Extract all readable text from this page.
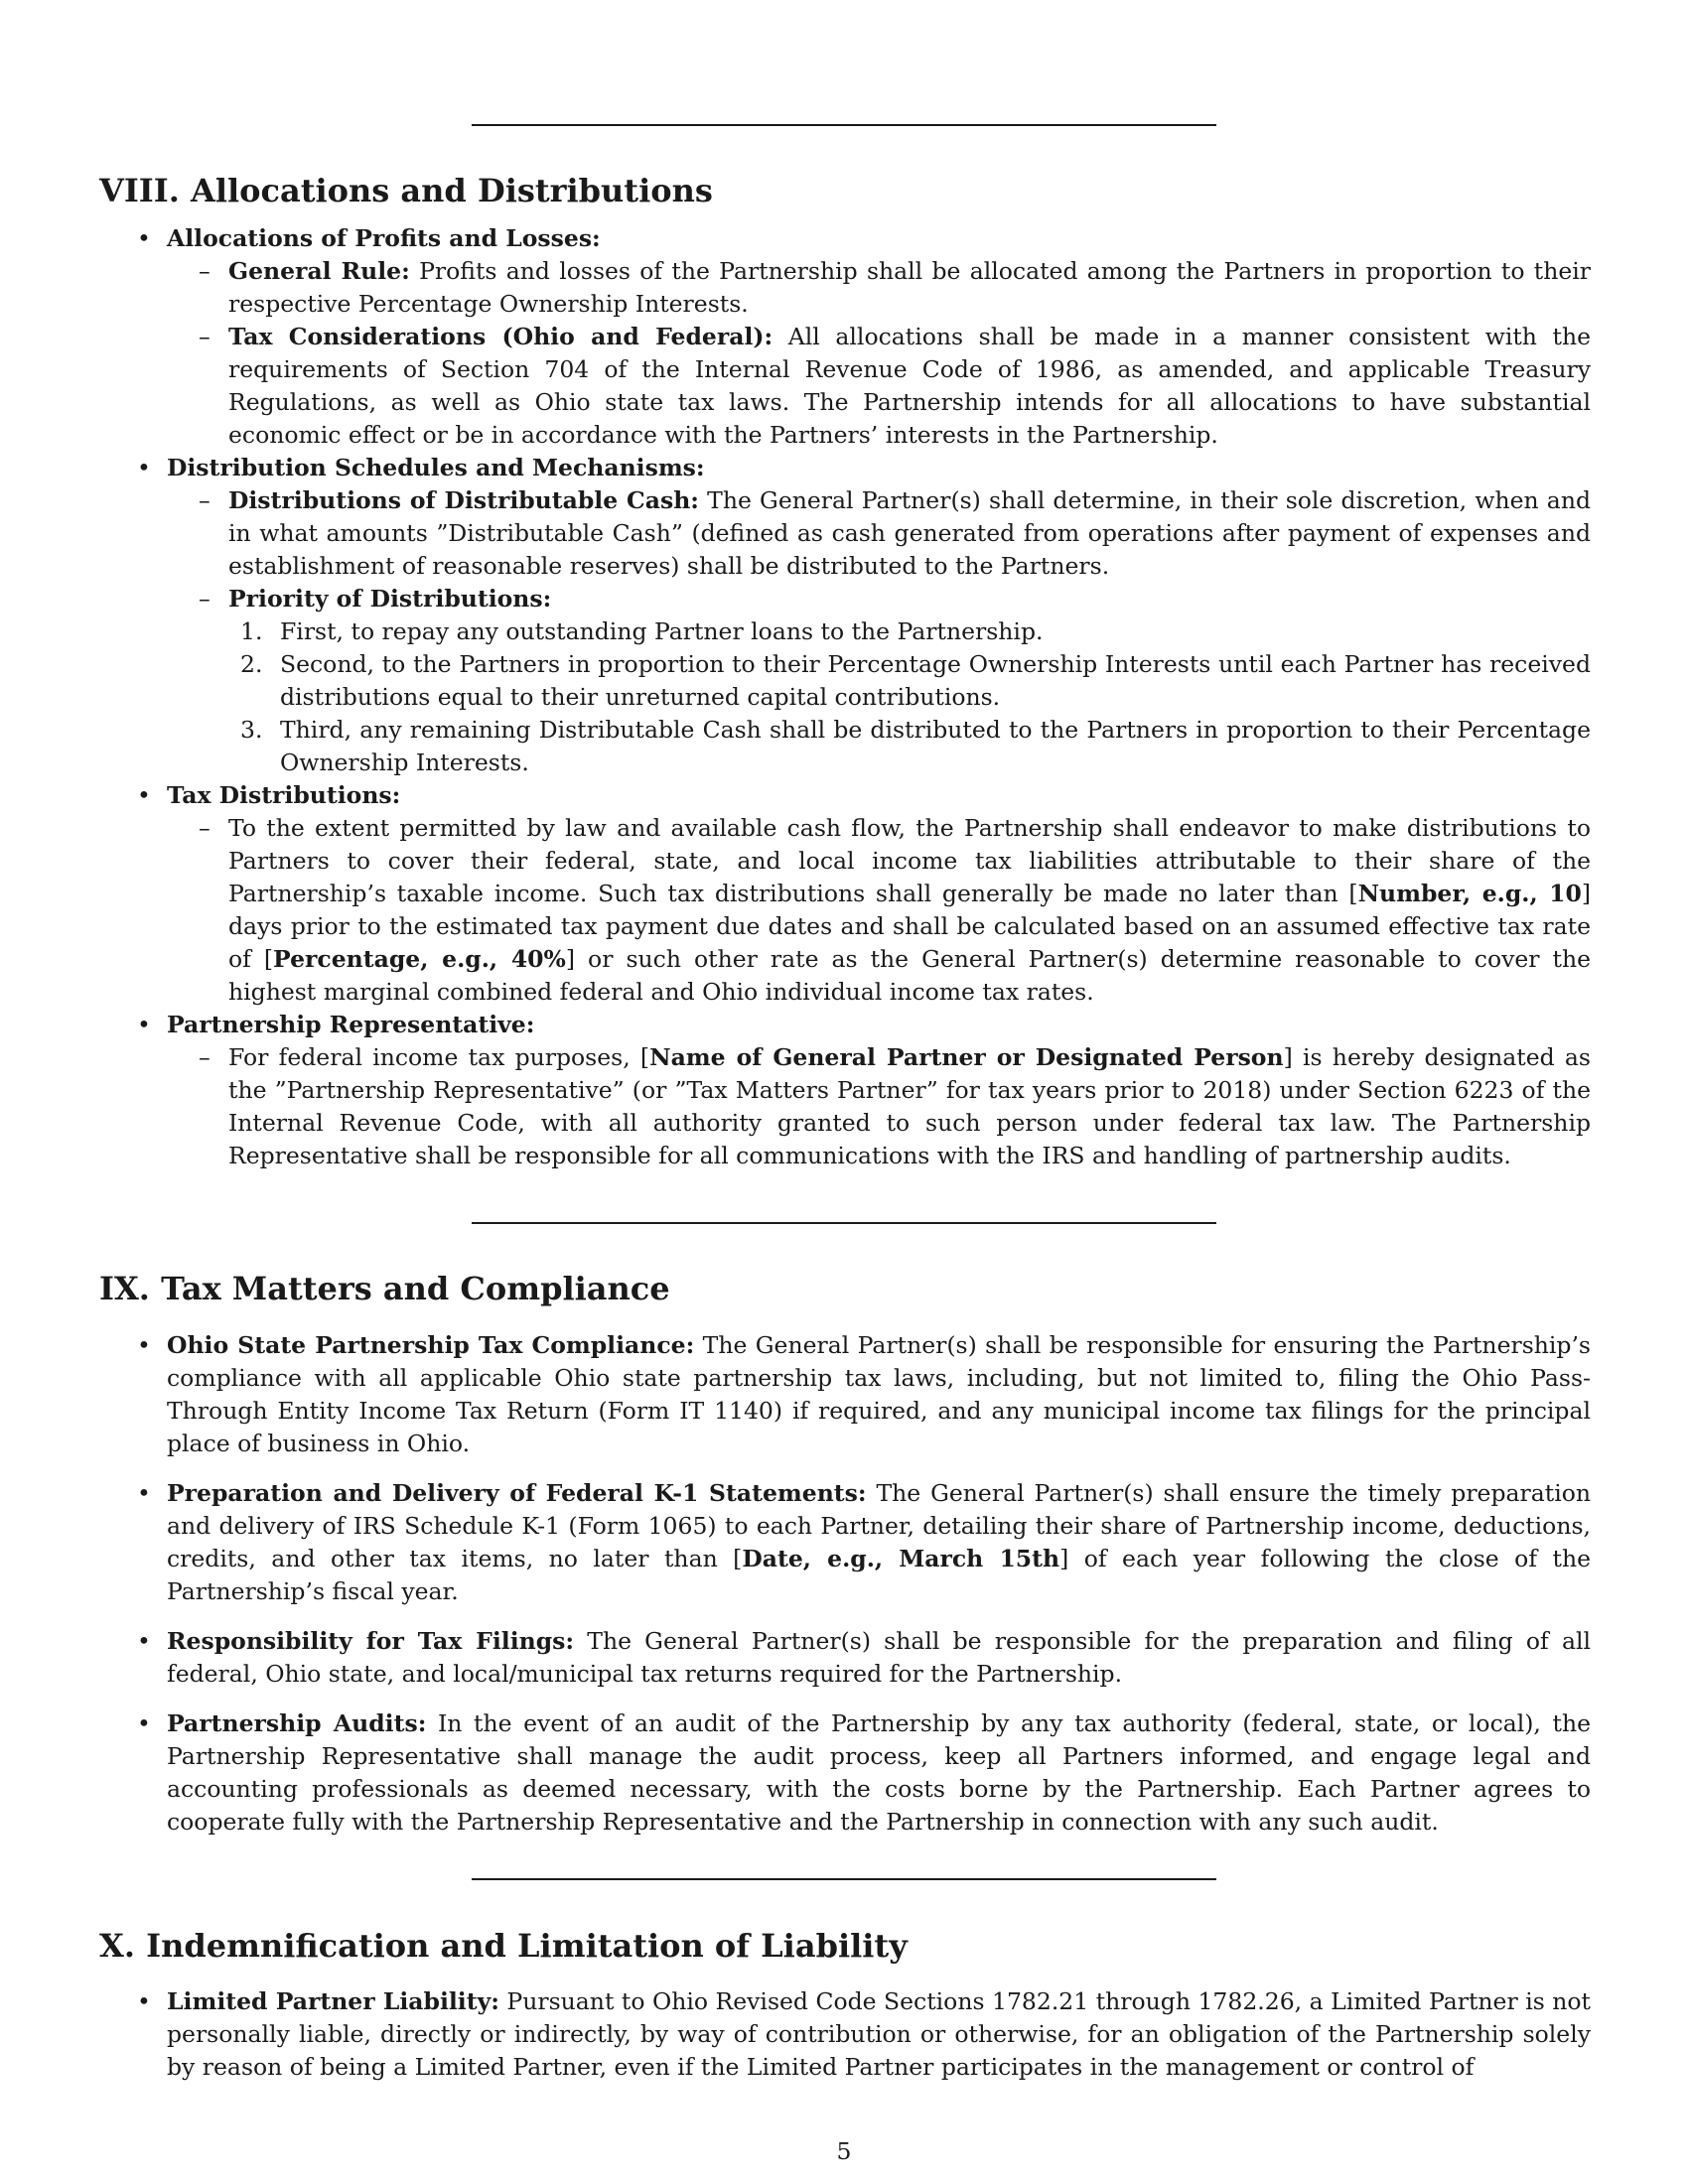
VIII. Allocations and Distributions
• Allocations of Profits and Losses:
– General Rule: Profits and losses of the Partnership shall be allocated among the Partners in proportion to their respective Percentage Ownership Interests.
– Tax Considerations (Ohio and Federal): All allocations shall be made in a manner consistent with the requirements of Section 704 of the Internal Revenue Code of 1986, as amended, and applicable Treasury Regulations, as well as Ohio state tax laws. The Partnership intends for all allocations to have substantial economic effect or be in accordance with the Partners’ interests in the Partnership.
• Distribution Schedules and Mechanisms:
– Distributions of Distributable Cash: The General Partner(s) shall determine, in their sole discretion, when and in what amounts ”Distributable Cash” (defined as cash generated from operations after payment of expenses and establishment of reasonable reserves) shall be distributed to the Partners.
– Priority of Distributions:
1. First, to repay any outstanding Partner loans to the Partnership.
2. Second, to the Partners in proportion to their Percentage Ownership Interests until each Partner has received distributions equal to their unreturned capital contributions.
3. Third, any remaining Distributable Cash shall be distributed to the Partners in proportion to their Percentage Ownership Interests.
• Tax Distributions:
– To the extent permitted by law and available cash flow, the Partnership shall endeavor to make distributions to Partners to cover their federal, state, and local income tax liabilities attributable to their share of the Partnership’s taxable income. Such tax distributions shall generally be made no later than [Number, e.g., 10] days prior to the estimated tax payment due dates and shall be calculated based on an assumed effective tax rate of [Percentage, e.g., 40%] or such other rate as the General Partner(s) determine reasonable to cover the highest marginal combined federal and Ohio individual income tax rates.
• Partnership Representative:
– For federal income tax purposes, [Name of General Partner or Designated Person] is hereby designated as the ”Partnership Representative” (or ”Tax Matters Partner” for tax years prior to 2018) under Section 6223 of the Internal Revenue Code, with all authority granted to such person under federal tax law. The Partnership Representative shall be responsible for all communications with the IRS and handling of partnership audits.
IX. Tax Matters and Compliance
• Ohio State Partnership Tax Compliance: The General Partner(s) shall be responsible for ensuring the Partnership’s compliance with all applicable Ohio state partnership tax laws, including, but not limited to, filing the Ohio Pass-Through Entity Income Tax Return (Form IT 1140) if required, and any municipal income tax filings for the principal place of business in Ohio.
• Preparation and Delivery of Federal K-1 Statements: The General Partner(s) shall ensure the timely preparation and delivery of IRS Schedule K-1 (Form 1065) to each Partner, detailing their share of Partnership income, deductions, credits, and other tax items, no later than [Date, e.g., March 15th] of each year following the close of the Partnership’s fiscal year.
• Responsibility for Tax Filings: The General Partner(s) shall be responsible for the preparation and filing of all federal, Ohio state, and local/municipal tax returns required for the Partnership.
• Partnership Audits: In the event of an audit of the Partnership by any tax authority (federal, state, or local), the Partnership Representative shall manage the audit process, keep all Partners informed, and engage legal and accounting professionals as deemed necessary, with the costs borne by the Partnership. Each Partner agrees to cooperate fully with the Partnership Representative and the Partnership in connection with any such audit.
X. Indemnification and Limitation of Liability
• Limited Partner Liability: Pursuant to Ohio Revised Code Sections 1782.21 through 1782.26, a Limited Partner is not personally liable, directly or indirectly, by way of contribution or otherwise, for an obligation of the Partnership solely by reason of being a Limited Partner, even if the Limited Partner participates in the management or control of
5
